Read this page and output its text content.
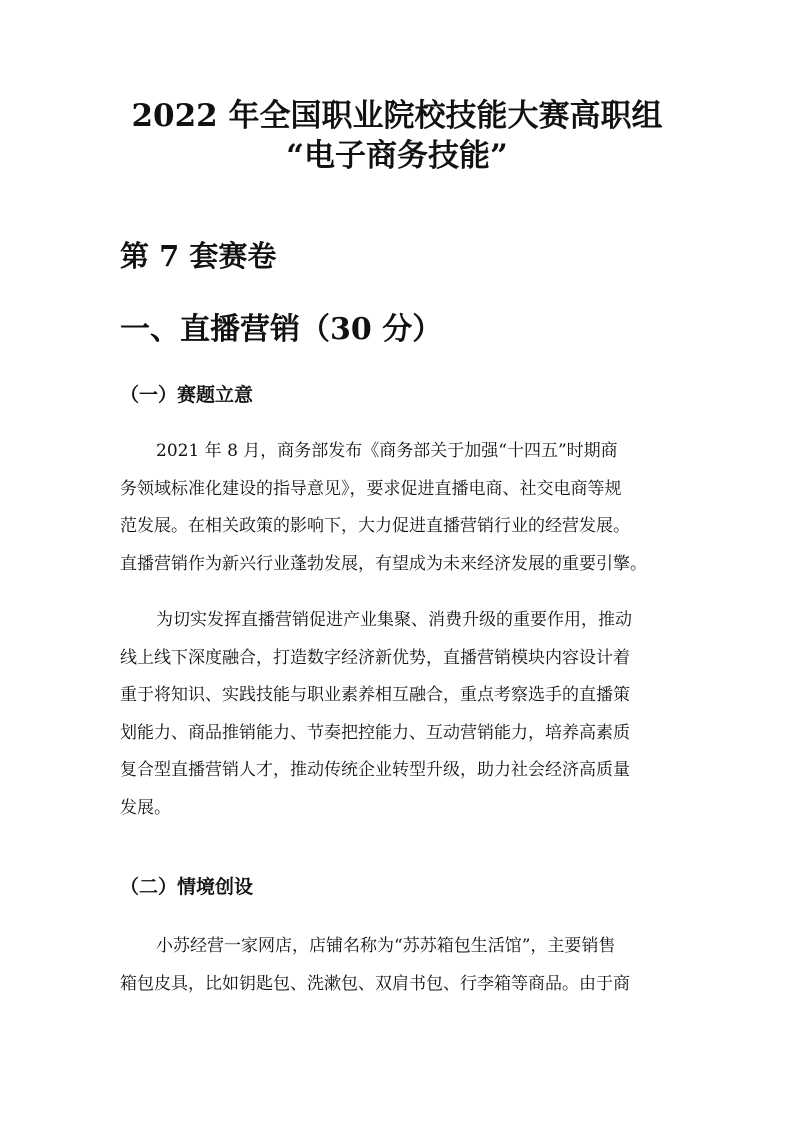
2022 年全国职业院校技能大赛高职组
“电子商务技能”
第 7 套赛卷
一、直播营销（30 分）
（一）赛题立意
2021 年 8 月，商务部发布《商务部关于加强“十四五”时期商
务领域标准化建设的指导意见》，要求促进直播电商、社交电商等规
范发展。在相关政策的影响下，大力促进直播营销行业的经营发展。
直播营销作为新兴行业蓬勃发展，有望成为未来经济发展的重要引擎。
为切实发挥直播营销促进产业集聚、消费升级的重要作用，推动
线上线下深度融合，打造数字经济新优势，直播营销模块内容设计着
重于将知识、实践技能与职业素养相互融合，重点考察选手的直播策
划能力、商品推销能力、节奏把控能力、互动营销能力，培养高素质
复合型直播营销人才，推动传统企业转型升级，助力社会经济高质量
发展。
（二）情境创设
小苏经营一家网店，店铺名称为“苏苏箱包生活馆”，主要销售
箱包皮具，比如钥匙包、洗漱包、双肩书包、行李箱等商品。由于商
